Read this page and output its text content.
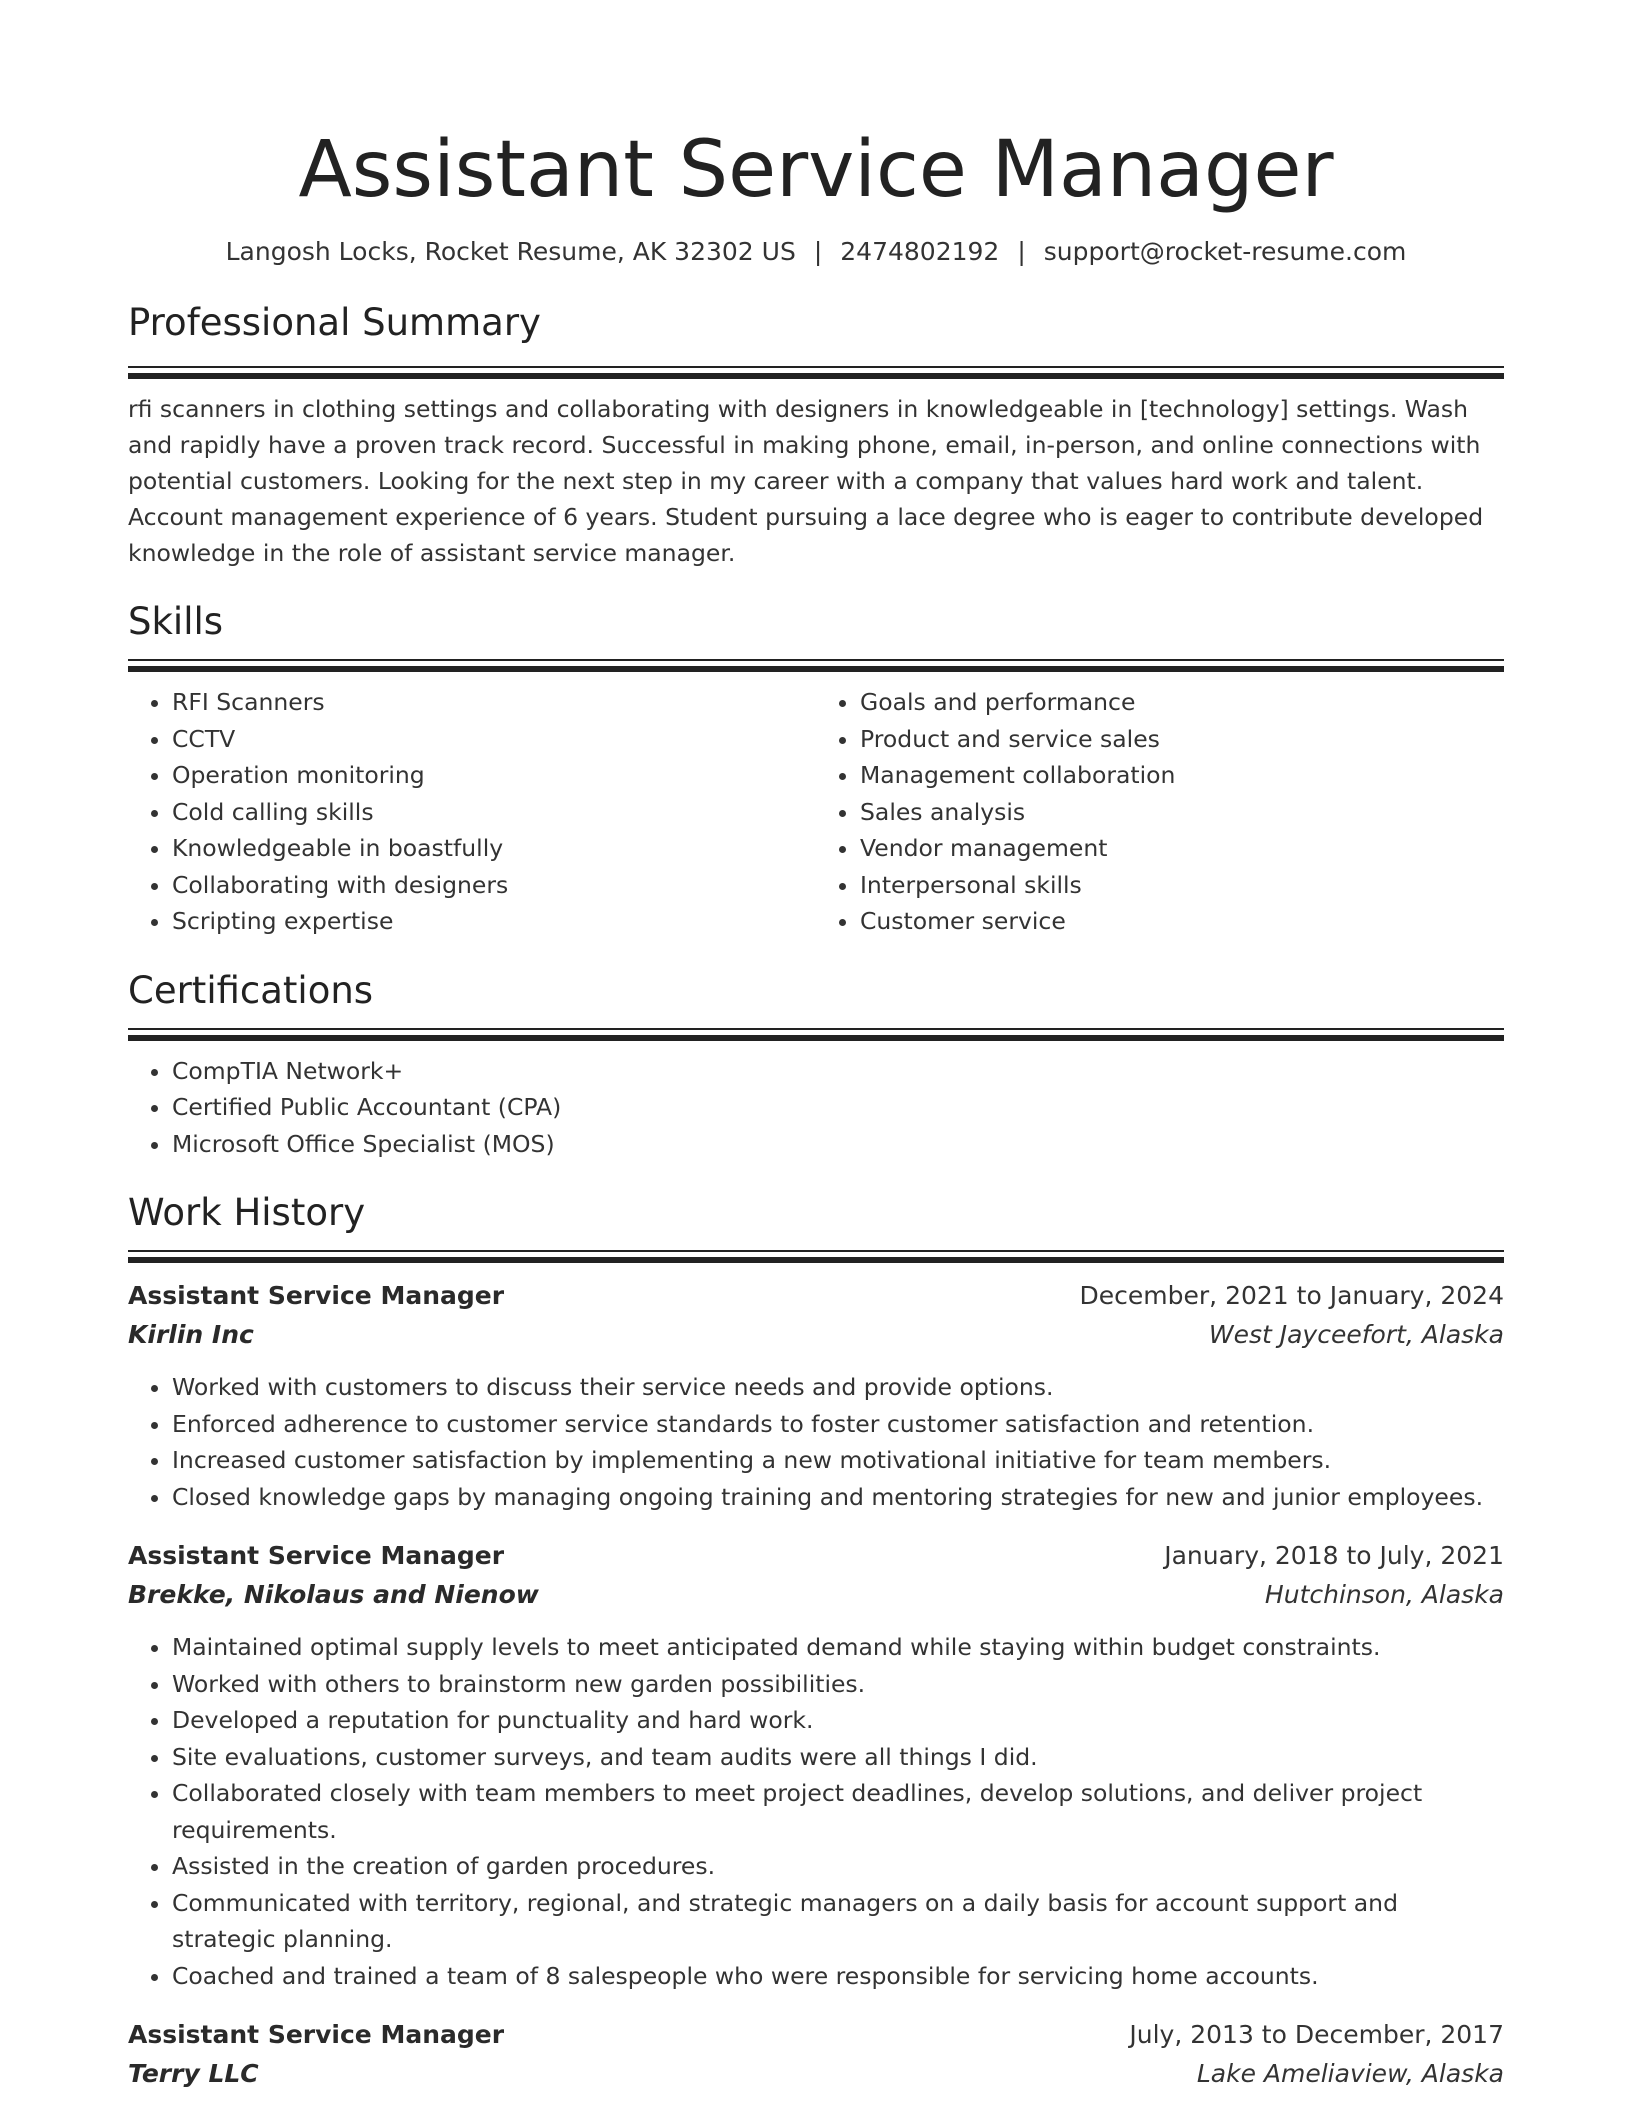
Assistant Service Manager
Langosh Locks, Rocket Resume, AK 32302 US | 2474802192 | support@rocket-resume.com
Professional Summary
rfi scanners in clothing settings and collaborating with designers in knowledgeable in [technology] settings. Wash and rapidly have a proven track record. Successful in making phone, email, in-person, and online connections with potential customers. Looking for the next step in my career with a company that values hard work and talent. Account management experience of 6 years. Student pursuing a lace degree who is eager to contribute developed knowledge in the role of assistant service manager.
Skills
• RFI Scanners
• CCTV
• Operation monitoring
• Cold calling skills
• Knowledgeable in boastfully
• Collaborating with designers
• Scripting expertise
• Goals and performance
• Product and service sales
• Management collaboration
• Sales analysis
• Vendor management
• Interpersonal skills
• Customer service
Certifications
• CompTIA Network+
• Certified Public Accountant (CPA)
• Microsoft Office Specialist (MOS)
Work History
Assistant Service Manager	December, 2021 to January, 2024
Kirlin Inc	West Jayceefort, Alaska
• Worked with customers to discuss their service needs and provide options.
• Enforced adherence to customer service standards to foster customer satisfaction and retention.
• Increased customer satisfaction by implementing a new motivational initiative for team members.
• Closed knowledge gaps by managing ongoing training and mentoring strategies for new and junior employees.
Assistant Service Manager	January, 2018 to July, 2021
Brekke, Nikolaus and Nienow	Hutchinson, Alaska
• Maintained optimal supply levels to meet anticipated demand while staying within budget constraints.
• Worked with others to brainstorm new garden possibilities.
• Developed a reputation for punctuality and hard work.
• Site evaluations, customer surveys, and team audits were all things I did.
• Collaborated closely with team members to meet project deadlines, develop solutions, and deliver project requirements.
• Assisted in the creation of garden procedures.
• Communicated with territory, regional, and strategic managers on a daily basis for account support and strategic planning.
• Coached and trained a team of 8 salespeople who were responsible for servicing home accounts.
Assistant Service Manager	July, 2013 to December, 2017
Terry LLC	Lake Ameliaview, Alaska
